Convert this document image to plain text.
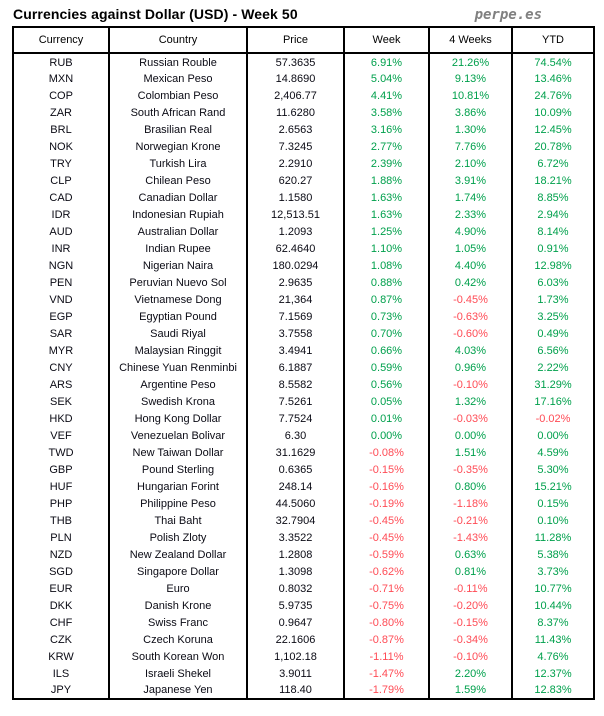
Currencies against Dollar (USD) - Week 50	perpe.es
Currency	Country	Price	Week	4 Weeks	YTD
RUB	Russian Rouble	57.3635	6.91%	21.26%	74.54%
MXN	Mexican Peso	14.8690	5.04%	9.13%	13.46%
COP	Colombian Peso	2,406.77	4.41%	10.81%	24.76%
ZAR	South African Rand	11.6280	3.58%	3.86%	10.09%
BRL	Brasilian Real	2.6563	3.16%	1.30%	12.45%
NOK	Norwegian Krone	7.3245	2.77%	7.76%	20.78%
TRY	Turkish Lira	2.2910	2.39%	2.10%	6.72%
CLP	Chilean Peso	620.27	1.88%	3.91%	18.21%
CAD	Canadian Dollar	1.1580	1.63%	1.74%	8.85%
IDR	Indonesian Rupiah	12,513.51	1.63%	2.33%	2.94%
AUD	Australian Dollar	1.2093	1.25%	4.90%	8.14%
INR	Indian Rupee	62.4640	1.10%	1.05%	0.91%
NGN	Nigerian Naira	180.0294	1.08%	4.40%	12.98%
PEN	Peruvian Nuevo Sol	2.9635	0.88%	0.42%	6.03%
VND	Vietnamese Dong	21,364	0.87%	-0.45%	1.73%
EGP	Egyptian Pound	7.1569	0.73%	-0.63%	3.25%
SAR	Saudi Riyal	3.7558	0.70%	-0.60%	0.49%
MYR	Malaysian Ringgit	3.4941	0.66%	4.03%	6.56%
CNY	Chinese Yuan Renminbi	6.1887	0.59%	0.96%	2.22%
ARS	Argentine Peso	8.5582	0.56%	-0.10%	31.29%
SEK	Swedish Krona	7.5261	0.05%	1.32%	17.16%
HKD	Hong Kong Dollar	7.7524	0.01%	-0.03%	-0.02%
VEF	Venezuelan Bolivar	6.30	0.00%	0.00%	0.00%
TWD	New Taiwan Dollar	31.1629	-0.08%	1.51%	4.59%
GBP	Pound Sterling	0.6365	-0.15%	-0.35%	5.30%
HUF	Hungarian Forint	248.14	-0.16%	0.80%	15.21%
PHP	Philippine Peso	44.5060	-0.19%	-1.18%	0.15%
THB	Thai Baht	32.7904	-0.45%	-0.21%	0.10%
PLN	Polish Zloty	3.3522	-0.45%	-1.43%	11.28%
NZD	New Zealand Dollar	1.2808	-0.59%	0.63%	5.38%
SGD	Singapore Dollar	1.3098	-0.62%	0.81%	3.73%
EUR	Euro	0.8032	-0.71%	-0.11%	10.77%
DKK	Danish Krone	5.9735	-0.75%	-0.20%	10.44%
CHF	Swiss Franc	0.9647	-0.80%	-0.15%	8.37%
CZK	Czech Koruna	22.1606	-0.87%	-0.34%	11.43%
KRW	South Korean Won	1,102.18	-1.11%	-0.10%	4.76%
ILS	Israeli Shekel	3.9011	-1.47%	2.20%	12.37%
JPY	Japanese Yen	118.40	-1.79%	1.59%	12.83%
